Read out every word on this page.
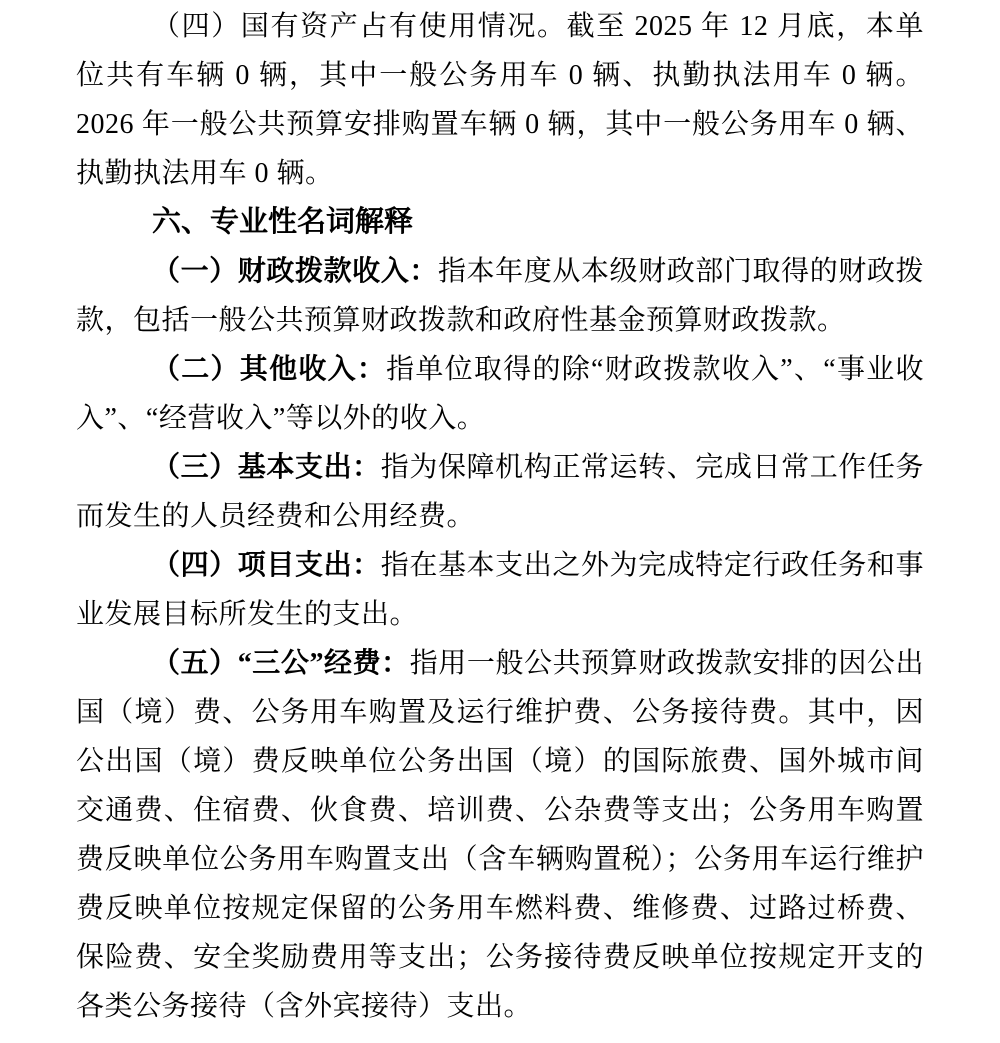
（四）国有资产占有使用情况。截至 2025 年 12 月底，本单位共有车辆 0 辆，其中一般公务用车 0 辆、执勤执法用车 0 辆。2026 年一般公共预算安排购置车辆 0 辆，其中一般公务用车 0 辆、执勤执法用车 0 辆。

六、专业性名词解释

（一）财政拨款收入：指本年度从本级财政部门取得的财政拨款，包括一般公共预算财政拨款和政府性基金预算财政拨款。

（二）其他收入：指单位取得的除“财政拨款收入”、“事业收入”、“经营收入”等以外的收入。

（三）基本支出：指为保障机构正常运转、完成日常工作任务而发生的人员经费和公用经费。

（四）项目支出：指在基本支出之外为完成特定行政任务和事业发展目标所发生的支出。

（五）“三公”经费：指用一般公共预算财政拨款安排的因公出国（境）费、公务用车购置及运行维护费、公务接待费。其中，因公出国（境）费反映单位公务出国（境）的国际旅费、国外城市间交通费、住宿费、伙食费、培训费、公杂费等支出；公务用车购置费反映单位公务用车购置支出（含车辆购置税）；公务用车运行维护费反映单位按规定保留的公务用车燃料费、维修费、过路过桥费、保险费、安全奖励费用等支出；公务接待费反映单位按规定开支的各类公务接待（含外宾接待）支出。
